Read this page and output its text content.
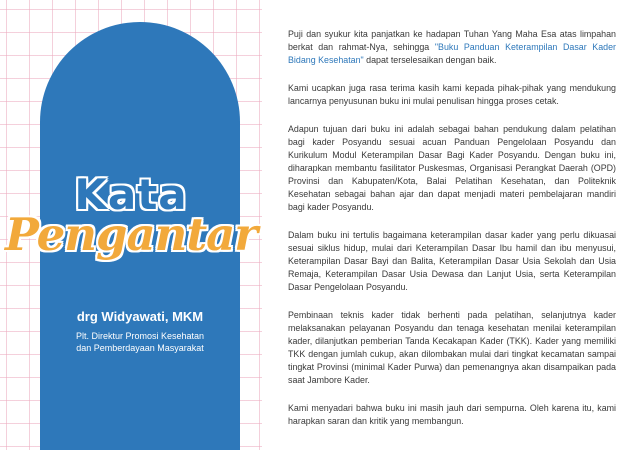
Kata
Pengantar
drg Widyawati, MKM
Plt. Direktur Promosi Kesehatan
dan Pemberdayaan Masyarakat

Puji dan syukur kita panjatkan ke hadapan Tuhan Yang Maha Esa atas limpahan berkat dan rahmat-Nya, sehingga "Buku Panduan Keterampilan Dasar Kader Bidang Kesehatan" dapat terselesaikan dengan baik.

Kami ucapkan juga rasa terima kasih kami kepada pihak-pihak yang mendukung lancarnya penyusunan buku ini mulai penulisan hingga proses cetak.

Adapun tujuan dari buku ini adalah sebagai bahan pendukung dalam pelatihan bagi kader Posyandu sesuai acuan Panduan Pengelolaan Posyandu dan Kurikulum Modul Keterampilan Dasar Bagi Kader Posyandu. Dengan buku ini, diharapkan membantu fasilitator Puskesmas, Organisasi Perangkat Daerah (OPD) Provinsi dan Kabupaten/Kota, Balai Pelatihan Kesehatan, dan Politeknik Kesehatan sebagai bahan ajar dan dapat menjadi materi pembelajaran mandiri bagi kader Posyandu.

Dalam buku ini tertulis bagaimana keterampilan dasar kader yang perlu dikuasai sesuai siklus hidup, mulai dari Keterampilan Dasar Ibu hamil dan ibu menyusui, Keterampilan Dasar Bayi dan Balita, Keterampilan Dasar Usia Sekolah dan Usia Remaja, Keterampilan Dasar Usia Dewasa dan Lanjut Usia, serta Keterampilan Dasar Pengelolaan Posyandu.

Pembinaan teknis kader tidak berhenti pada pelatihan, selanjutnya kader melaksanakan pelayanan Posyandu dan tenaga kesehatan menilai keterampilan kader, dilanjutkan pemberian Tanda Kecakapan Kader (TKK). Kader yang memiliki TKK dengan jumlah cukup, akan dilombakan mulai dari tingkat kecamatan sampai tingkat Provinsi (minimal Kader Purwa) dan pemenangnya akan disampaikan pada saat Jambore Kader.

Kami menyadari bahwa buku ini masih jauh dari sempurna. Oleh karena itu, kami harapkan saran dan kritik yang membangun.
